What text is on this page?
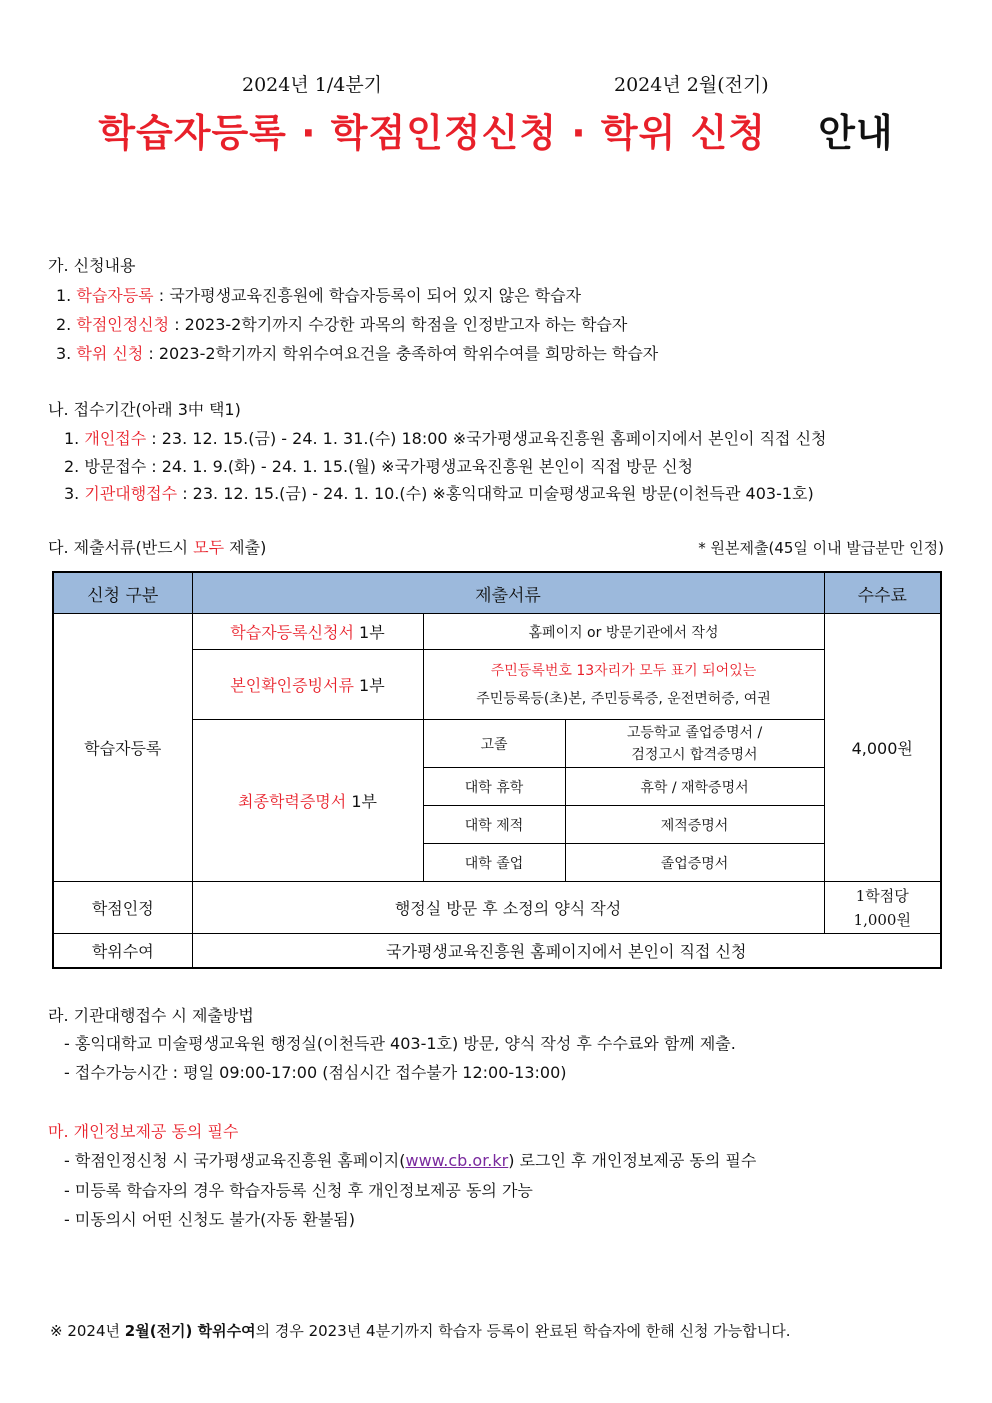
2024년 1/4분기	2024년 2월(전기)
학습자등록 · 학점인정신청 · 학위 신청 안내
가. 신청내용
1. 학습자등록 : 국가평생교육진흥원에 학습자등록이 되어 있지 않은 학습자
2. 학점인정신청 : 2023-2학기까지 수강한 과목의 학점을 인정받고자 하는 학습자
3. 학위 신청 : 2023-2학기까지 학위수여요건을 충족하여 학위수여를 희망하는 학습자
나. 접수기간(아래 3中 택1)
1. 개인접수 : 23. 12. 15.(금) - 24. 1. 31.(수) 18:00 ※국가평생교육진흥원 홈페이지에서 본인이 직접 신청
2. 방문접수 : 24. 1. 9.(화) - 24. 1. 15.(월) ※국가평생교육진흥원 본인이 직접 방문 신청
3. 기관대행접수 : 23. 12. 15.(금) - 24. 1. 10.(수) ※홍익대학교 미술평생교육원 방문(이천득관 403-1호)
다. 제출서류(반드시 모두 제출)	* 원본제출(45일 이내 발급분만 인정)
신청 구분	제출서류			수수료
학습자등록	학습자등록신청서 1부	홈페이지 or 방문기관에서 작성		4,000원
	본인확인증빙서류 1부	주민등록번호 13자리가 모두 표기 되어있는
주민등록등(초)본, 주민등록증, 운전면허증, 여권		

	최종학력증명서 1부	고졸	고등학교 졸업증명서 /
검정고시 합격증명서	

		대학 휴학	휴학 / 재학증명서	
		대학 제적	제적증명서	
		대학 졸업	졸업증명서	
학점인정	행정실 방문 후 소정의 양식 작성			1학점당
1,000원

학위수여	국가평생교육진흥원 홈페이지에서 본인이 직접 신청			
라. 기관대행접수 시 제출방법
- 홍익대학교 미술평생교육원 행정실(이천득관 403-1호) 방문, 양식 작성 후 수수료와 함께 제출.
- 접수가능시간 : 평일 09:00-17:00 (점심시간 접수불가 12:00-13:00)
마. 개인정보제공 동의 필수
- 학점인정신청 시 국가평생교육진흥원 홈페이지(www.cb.or.kr) 로그인 후 개인정보제공 동의 필수
- 미등록 학습자의 경우 학습자등록 신청 후 개인정보제공 동의 가능
- 미동의시 어떤 신청도 불가(자동 환불됨)
※ 2024년 2월(전기) 학위수여의 경우 2023년 4분기까지 학습자 등록이 완료된 학습자에 한해 신청 가능합니다.
